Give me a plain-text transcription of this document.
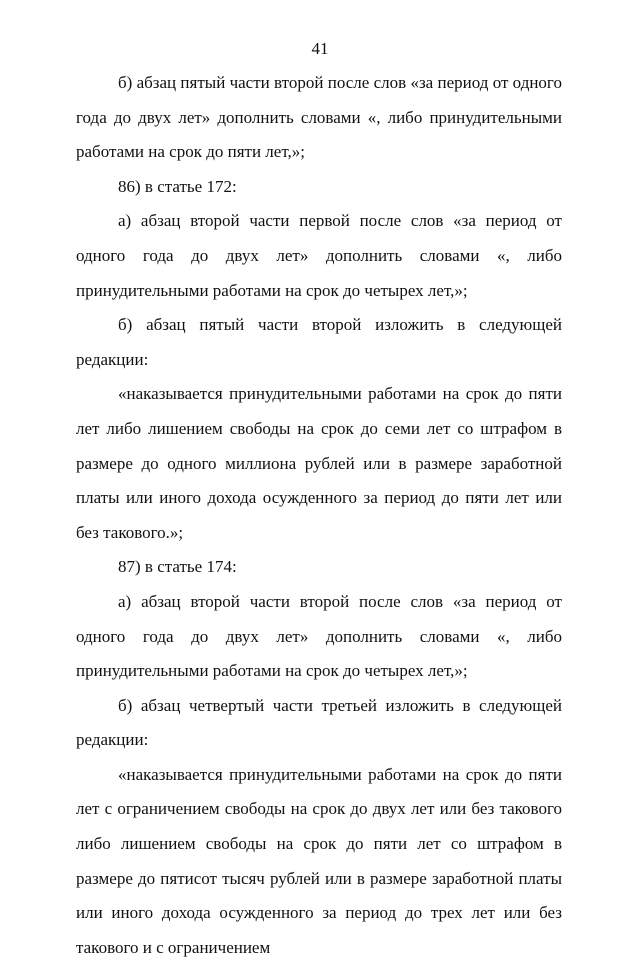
41

б) абзац пятый части второй после слов «за период от одного года до двух лет» дополнить словами «, либо принудительными работами на срок до пяти лет,»;

86) в статье 172:

а) абзац второй части первой после слов «за период от одного года до двух лет» дополнить словами «, либо принудительными работами на срок до четырех лет,»;

б) абзац пятый части второй изложить в следующей редакции:

«наказывается принудительными работами на срок до пяти лет либо лишением свободы на срок до семи лет со штрафом в размере до одного миллиона рублей или в размере заработной платы или иного дохода осужденного за период до пяти лет или без такового.»;

87) в статье 174:

а) абзац второй части второй после слов «за период от одного года до двух лет» дополнить словами «, либо принудительными работами на срок до четырех лет,»;

б) абзац четвертый части третьей изложить в следующей редакции:

«наказывается принудительными работами на срок до пяти лет с ограничением свободы на срок до двух лет или без такового либо лишением свободы на срок до пяти лет со штрафом в размере до пятисот тысяч рублей или в размере заработной платы или иного дохода осужденного за период до трех лет или без такового и с ограничением
